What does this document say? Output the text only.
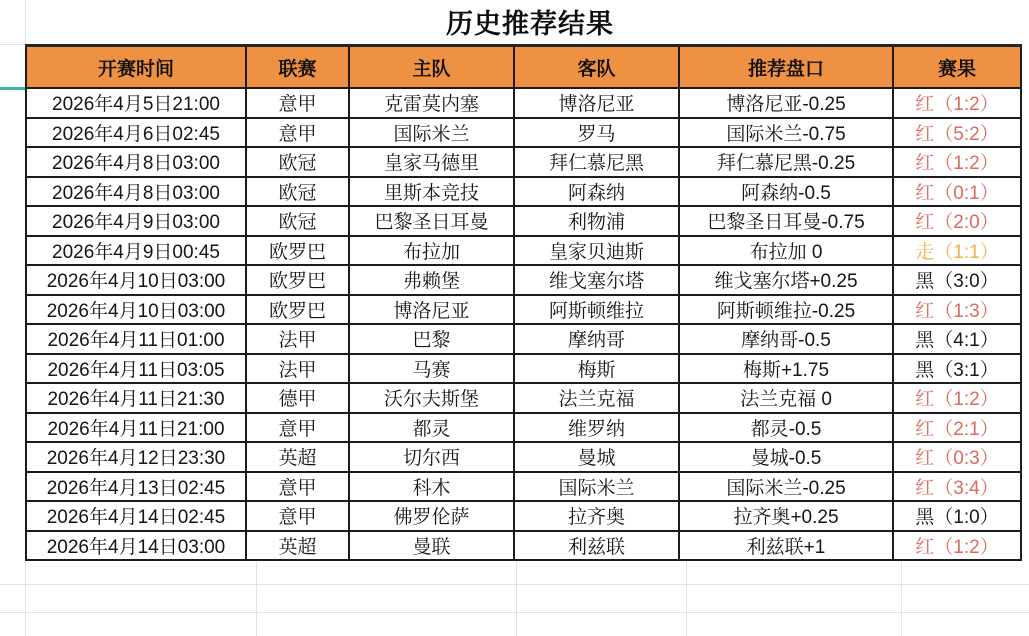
历史推荐结果
开赛时间	联赛	主队	客队	推荐盘口	赛果
2026年4月5日21:00	意甲	克雷莫内塞	博洛尼亚	博洛尼亚-0.25	红（1:2）
2026年4月6日02:45	意甲	国际米兰	罗马	国际米兰-0.75	红（5:2）
2026年4月8日03:00	欧冠	皇家马德里	拜仁慕尼黑	拜仁慕尼黑-0.25	红（1:2）
2026年4月8日03:00	欧冠	里斯本竞技	阿森纳	阿森纳-0.5	红（0:1）
2026年4月9日03:00	欧冠	巴黎圣日耳曼	利物浦	巴黎圣日耳曼-0.75	红（2:0）
2026年4月9日00:45	欧罗巴	布拉加	皇家贝迪斯	布拉加 0	走（1:1）
2026年4月10日03:00	欧罗巴	弗赖堡	维戈塞尔塔	维戈塞尔塔+0.25	黑（3:0）
2026年4月10日03:00	欧罗巴	博洛尼亚	阿斯顿维拉	阿斯顿维拉-0.25	红（1:3）
2026年4月11日01:00	法甲	巴黎	摩纳哥	摩纳哥-0.5	黑（4:1）
2026年4月11日03:05	法甲	马赛	梅斯	梅斯+1.75	黑（3:1）
2026年4月11日21:30	德甲	沃尔夫斯堡	法兰克福	法兰克福 0	红（1:2）
2026年4月11日21:00	意甲	都灵	维罗纳	都灵-0.5	红（2:1）
2026年4月12日23:30	英超	切尔西	曼城	曼城-0.5	红（0:3）
2026年4月13日02:45	意甲	科木	国际米兰	国际米兰-0.25	红（3:4）
2026年4月14日02:45	意甲	佛罗伦萨	拉齐奥	拉齐奥+0.25	黑（1:0）
2026年4月14日03:00	英超	曼联	利兹联	利兹联+1	红（1:2）
